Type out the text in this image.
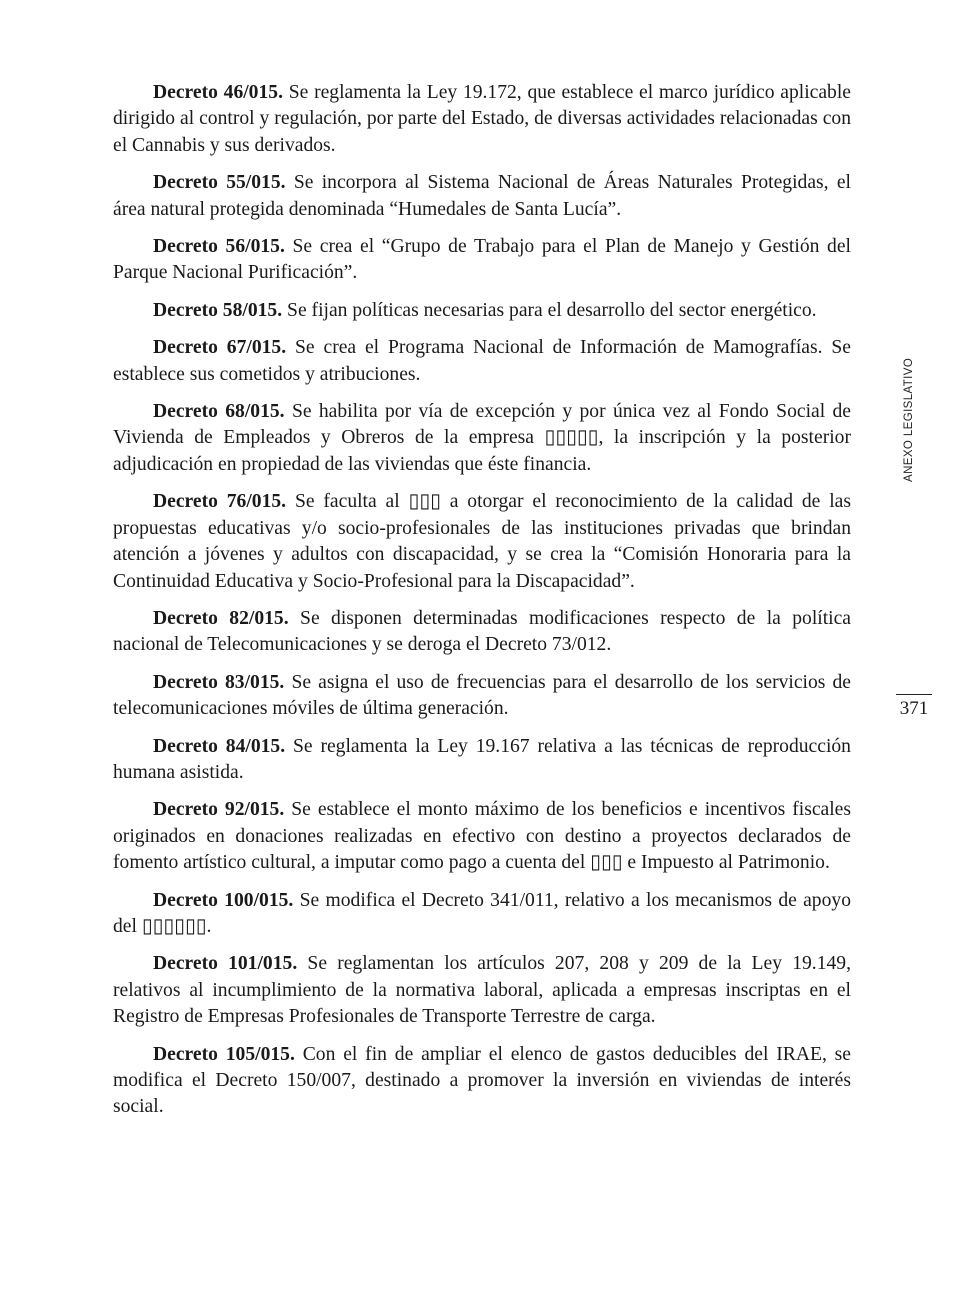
Decreto 46/015. Se reglamenta la Ley 19.172, que establece el marco jurídico aplicable dirigido al control y regulación, por parte del Estado, de diversas actividades relacionadas con el Cannabis y sus derivados.

Decreto 55/015. Se incorpora al Sistema Nacional de Áreas Naturales Protegidas, el área natural protegida denominada “Humedales de Santa Lucía”.

Decreto 56/015. Se crea el “Grupo de Trabajo para el Plan de Manejo y Gestión del Parque Nacional Purificación”.

Decreto 58/015. Se fijan políticas necesarias para el desarrollo del sector energético.

Decreto 67/015. Se crea el Programa Nacional de Información de Mamografías. Se establece sus cometidos y atribuciones.

Decreto 68/015. Se habilita por vía de excepción y por única vez al Fondo Social de Vivienda de Empleados y Obreros de la empresa ▯▯▯▯▯, la inscripción y la posterior adjudicación en propiedad de las viviendas que éste financia.

Decreto 76/015. Se faculta al ▯▯▯ a otorgar el reconocimiento de la calidad de las propuestas educativas y/o socio-profesionales de las instituciones privadas que brindan atención a jóvenes y adultos con discapacidad, y se crea la “Comisión Honoraria para la Continuidad Educativa y Socio-Profesional para la Discapacidad”.

Decreto 82/015. Se disponen determinadas modificaciones respecto de la política nacional de Telecomunicaciones y se deroga el Decreto 73/012.

Decreto 83/015. Se asigna el uso de frecuencias para el desarrollo de los servicios de telecomunicaciones móviles de última generación.

Decreto 84/015. Se reglamenta la Ley 19.167 relativa a las técnicas de reproducción humana asistida.

Decreto 92/015. Se establece el monto máximo de los beneficios e incentivos fiscales originados en donaciones realizadas en efectivo con destino a proyectos declarados de fomento artístico cultural, a imputar como pago a cuenta del ▯▯▯ e Impuesto al Patrimonio.

Decreto 100/015. Se modifica el Decreto 341/011, relativo a los mecanismos de apoyo del ▯▯▯▯▯▯.

Decreto 101/015. Se reglamentan los artículos 207, 208 y 209 de la Ley 19.149, relativos al incumplimiento de la normativa laboral, aplicada a empresas inscriptas en el Registro de Empresas Profesionales de Transporte Terrestre de carga.

Decreto 105/015. Con el fin de ampliar el elenco de gastos deducibles del IRAE, se modifica el Decreto 150/007, destinado a promover la inversión en viviendas de interés social.

ANEXO LEGISLATIVO
371
